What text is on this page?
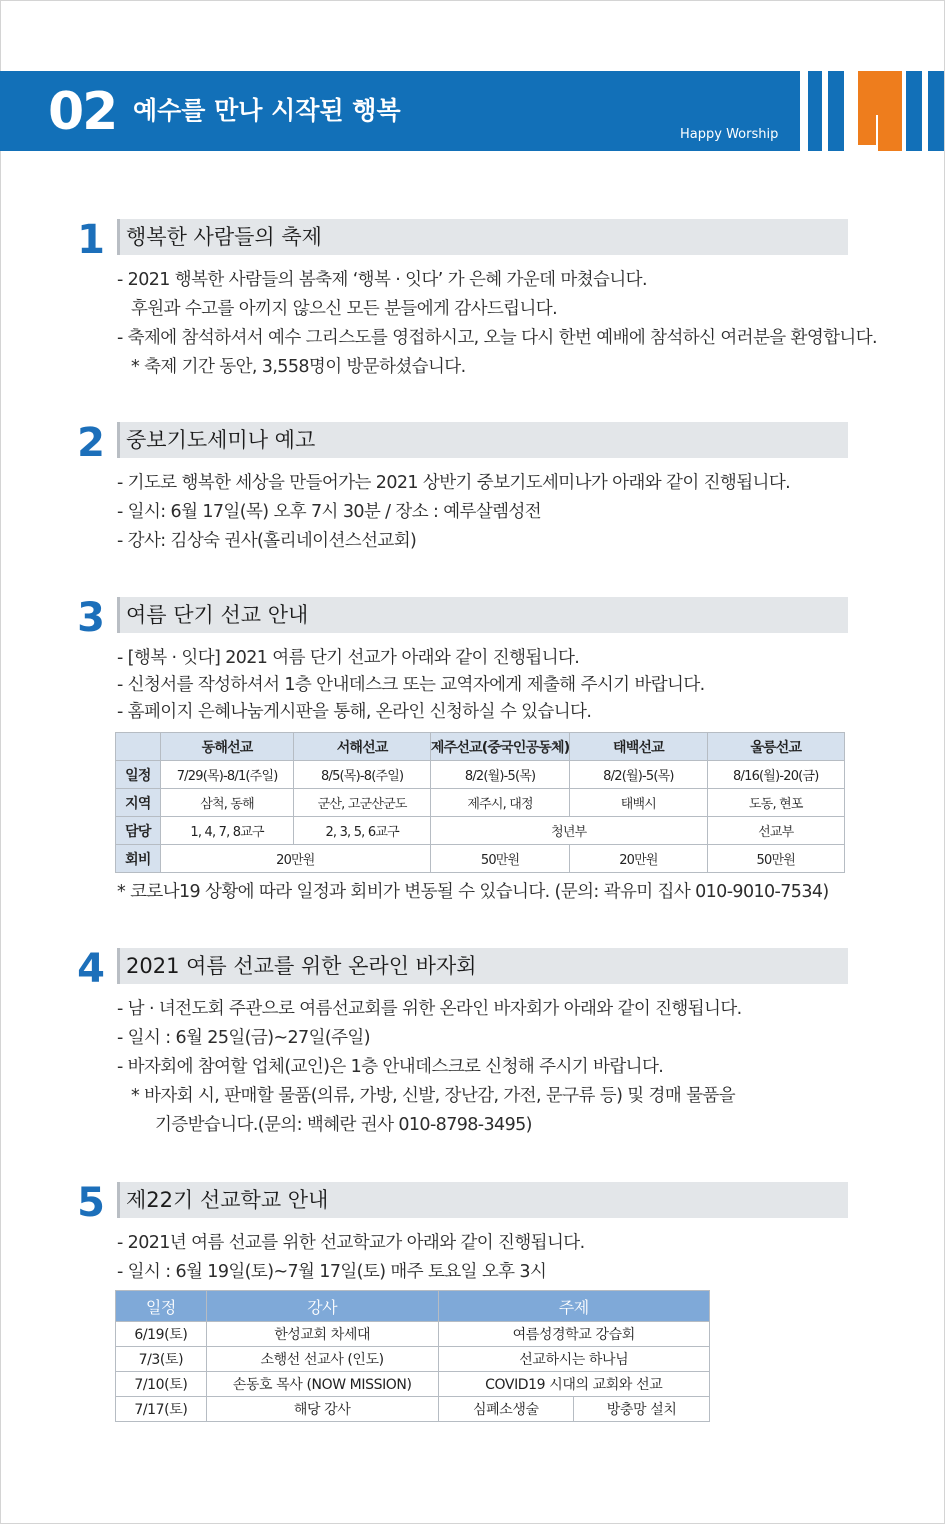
02 예수를 만나 시작된 행복
Happy Worship
1 행복한 사람들의 축제
- 2021 행복한 사람들의 봄축제 ‘행복 · 잇다’ 가 은혜 가운데 마쳤습니다.
후원과 수고를 아끼지 않으신 모든 분들에게 감사드립니다.
- 축제에 참석하셔서 예수 그리스도를 영접하시고, 오늘 다시 한번 예배에 참석하신 여러분을 환영합니다.
* 축제 기간 동안, 3,558명이 방문하셨습니다.
2 중보기도세미나 예고
- 기도로 행복한 세상을 만들어가는 2021 상반기 중보기도세미나가 아래와 같이 진행됩니다.
- 일시: 6월 17일(목) 오후 7시 30분 / 장소 : 예루살렘성전
- 강사: 김상숙 권사(홀리네이션스선교회)
3 여름 단기 선교 안내
- [행복 · 잇다] 2021 여름 단기 선교가 아래와 같이 진행됩니다.
- 신청서를 작성하셔서 1층 안내데스크 또는 교역자에게 제출해 주시기 바랍니다.
- 홈페이지 은혜나눔게시판을 통해, 온라인 신청하실 수 있습니다.
	동해선교	서해선교	제주선교(중국인공동체)	태백선교	울릉선교
일정	7/29(목)-8/1(주일)	8/5(목)-8(주일)	8/2(월)-5(목)	8/2(월)-5(목)	8/16(월)-20(금)
지역	삼척, 동해	군산, 고군산군도	제주시, 대정	태백시	도동, 현포
담당	1, 4, 7, 8교구	2, 3, 5, 6교구	청년부		선교부
회비	20만원		50만원	20만원	50만원
* 코로나19 상황에 따라 일정과 회비가 변동될 수 있습니다. (문의: 곽유미 집사 010-9010-7534)
4 2021 여름 선교를 위한 온라인 바자회
- 남 · 녀전도회 주관으로 여름선교회를 위한 온라인 바자회가 아래와 같이 진행됩니다.
- 일시 : 6월 25일(금)~27일(주일)
- 바자회에 참여할 업체(교인)은 1층 안내데스크로 신청해 주시기 바랍니다.
* 바자회 시, 판매할 물품(의류, 가방, 신발, 장난감, 가전, 문구류 등) 및 경매 물품을
기증받습니다.(문의: 백혜란 권사 010-8798-3495)
5 제22기 선교학교 안내
- 2021년 여름 선교를 위한 선교학교가 아래와 같이 진행됩니다.
- 일시 : 6월 19일(토)~7월 17일(토) 매주 토요일 오후 3시
일정	강사	주제	
6/19(토)	한성교회 차세대	여름성경학교 강습회	
7/3(토)	소행선 선교사 (인도)	선교하시는 하나님	
7/10(토)	손동호 목사 (NOW MISSION)	COVID19 시대의 교회와 선교	
7/17(토)	해당 강사	심폐소생술	방충망 설치
